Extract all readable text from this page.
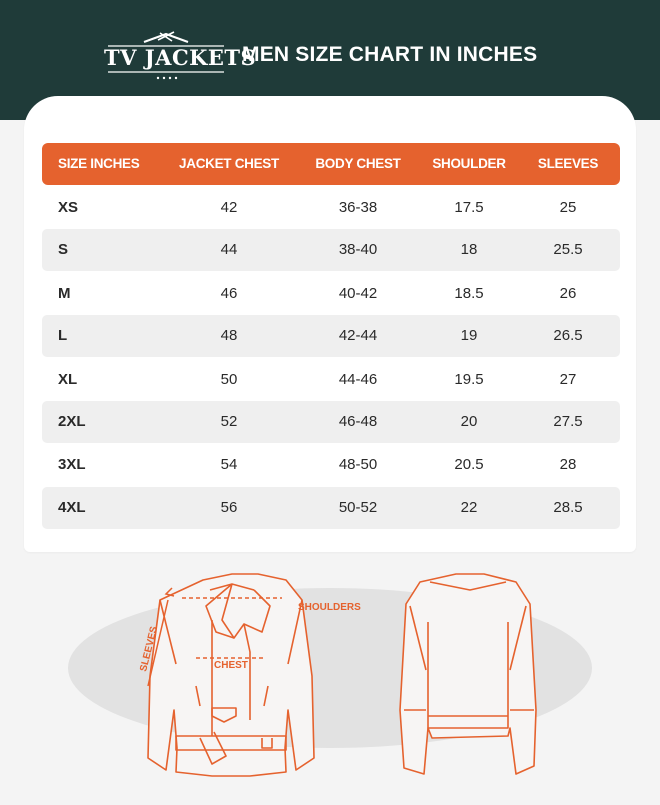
TV JACKETS
MEN SIZE CHART IN INCHES
SIZE INCHES	JACKET CHEST	BODY CHEST	SHOULDER	SLEEVES
XS	42	36-38	17.5	25
S	44	38-40	18	25.5
M	46	40-42	18.5	26
L	48	42-44	19	26.5
XL	50	44-46	19.5	27
2XL	52	46-48	20	27.5
3XL	54	48-50	20.5	28
4XL	56	50-52	22	28.5
SHOULDERS
CHEST
SLEEVES
